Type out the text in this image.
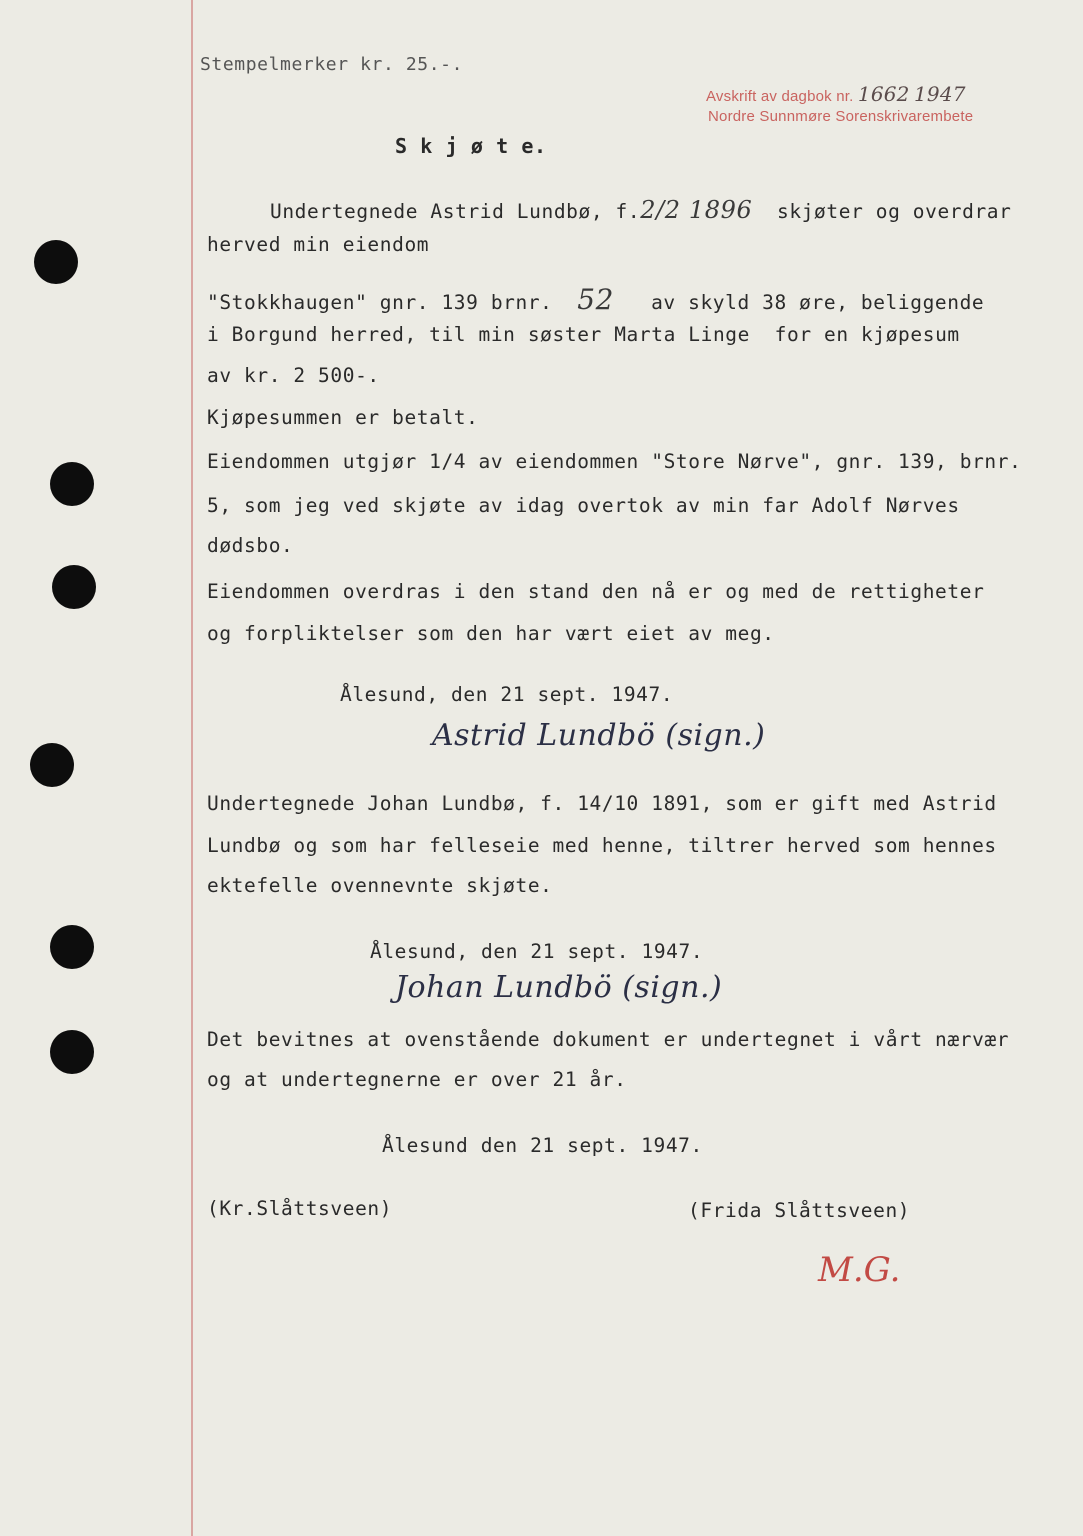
Stempelmerker kr. 25.-.
Avskrift av dagbok nr. 1662 1947
Nordre Sunnmøre Sorenskrivarembete
S k j ø t e.
Undertegnede Astrid Lundbø, f.2/2 1896 skjøter og overdrar
herved min eiendom
"Stokkhaugen" gnr. 139 brnr. 52 av skyld 38 øre, beliggende
i Borgund herred, til min søster Marta Linge for en kjøpesum
av kr. 2 500-.
Kjøpesummen er betalt.
Eiendommen utgjør 1/4 av eiendommen "Store Nørve", gnr. 139, brnr.
5, som jeg ved skjøte av idag overtok av min far Adolf Nørves
dødsbo.
Eiendommen overdras i den stand den nå er og med de rettigheter
og forpliktelser som den har vært eiet av meg.
Ålesund, den 21 sept. 1947.
Astrid Lundbö (sign.)
Undertegnede Johan Lundbø, f. 14/10 1891, som er gift med Astrid
Lundbø og som har felleseie med henne, tiltrer herved som hennes
ektefelle ovennevnte skjøte.
Ålesund, den 21 sept. 1947.
Johan Lundbö (sign.)
Det bevitnes at ovenstående dokument er undertegnet i vårt nærvær
og at undertegnerne er over 21 år.
Ålesund den 21 sept. 1947.
(Kr.Slåttsveen)	(Frida Slåttsveen)
M.G.
